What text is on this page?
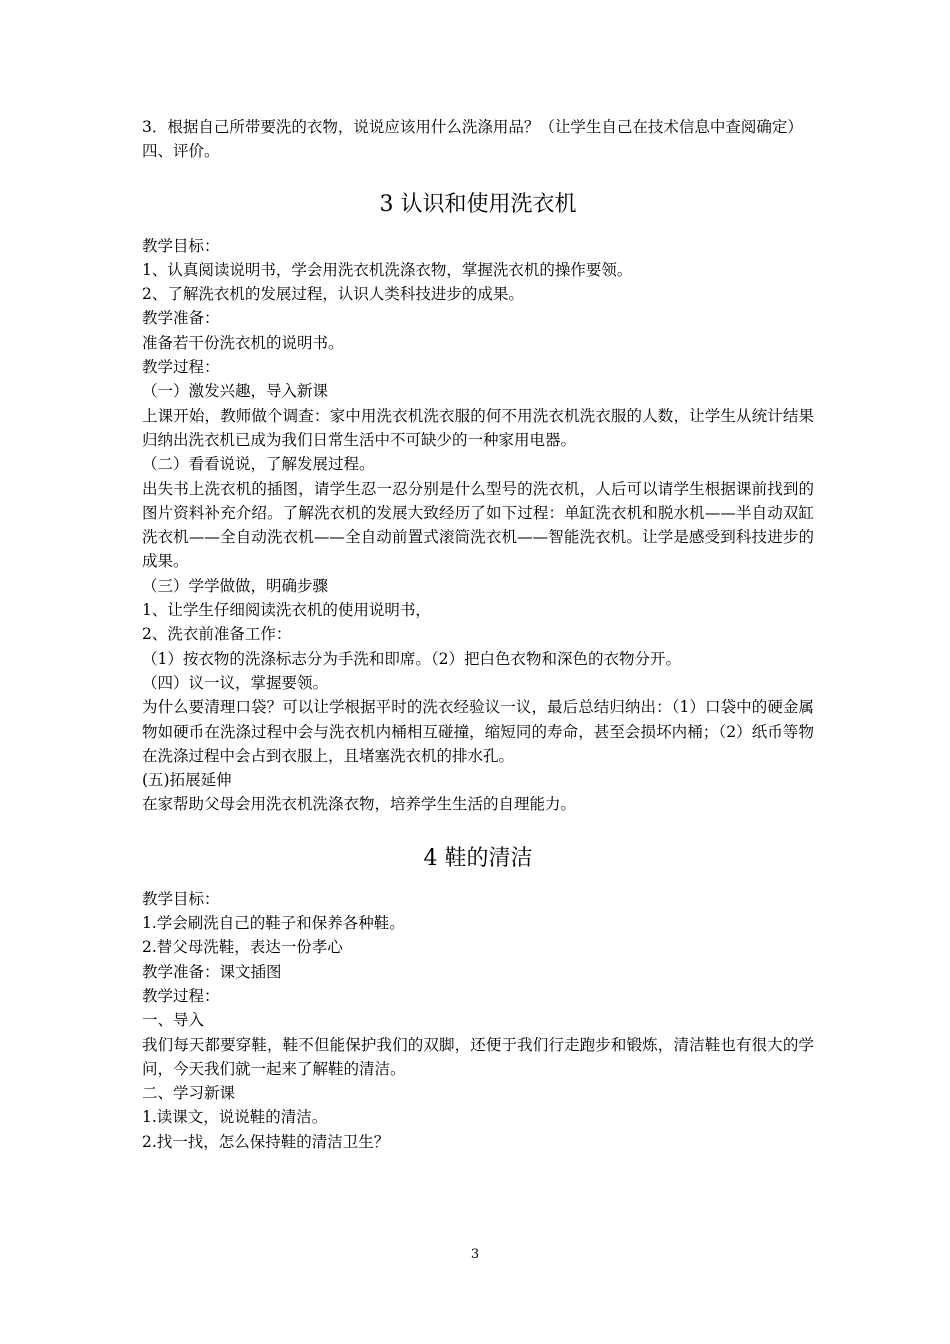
3．根据自己所带要洗的衣物，说说应该用什么洗涤用品？（让学生自己在技术信息中查阅确定）

四、评价。

3 认识和使用洗衣机

教学目标：

1、认真阅读说明书，学会用洗衣机洗涤衣物，掌握洗衣机的操作要领。

2、了解洗衣机的发展过程，认识人类科技进步的成果。

教学准备：

准备若干份洗衣机的说明书。

教学过程：

（一）激发兴趣，导入新课

上课开始，教师做个调查：家中用洗衣机洗衣服的何不用洗衣机洗衣服的人数，让学生从统计结果归纳出洗衣机已成为我们日常生活中不可缺少的一种家用电器。

（二）看看说说，了解发展过程。

出失书上洗衣机的插图，请学生忍一忍分别是什么型号的洗衣机，人后可以请学生根据课前找到的图片资料补充介绍。了解洗衣机的发展大致经历了如下过程：单缸洗衣机和脱水机——半自动双缸洗衣机——全自动洗衣机——全自动前置式滚筒洗衣机——智能洗衣机。让学是感受到科技进步的成果。

（三）学学做做，明确步骤

1、让学生仔细阅读洗衣机的使用说明书，

2、洗衣前准备工作：

（1）按衣物的洗涤标志分为手洗和即席。（2）把白色衣物和深色的衣物分开。

（四）议一议，掌握要领。

为什么要清理口袋？可以让学根据平时的洗衣经验议一议，最后总结归纳出：（1）口袋中的硬金属物如硬币在洗涤过程中会与洗衣机内桶相互碰撞，缩短同的寿命，甚至会损坏内桶；（2）纸币等物在洗涤过程中会占到衣服上，且堵塞洗衣机的排水孔。

(五)拓展延伸

在家帮助父母会用洗衣机洗涤衣物，培养学生生活的自理能力。

4 鞋的清洁

教学目标：

1.学会刷洗自己的鞋子和保养各种鞋。

2.替父母洗鞋，表达一份孝心

教学准备：课文插图

教学过程：

一、导入

我们每天都要穿鞋，鞋不但能保护我们的双脚，还便于我们行走跑步和锻炼，清洁鞋也有很大的学问，今天我们就一起来了解鞋的清洁。

二、学习新课

1.读课文，说说鞋的清洁。

2.找一找，怎么保持鞋的清洁卫生？

3
